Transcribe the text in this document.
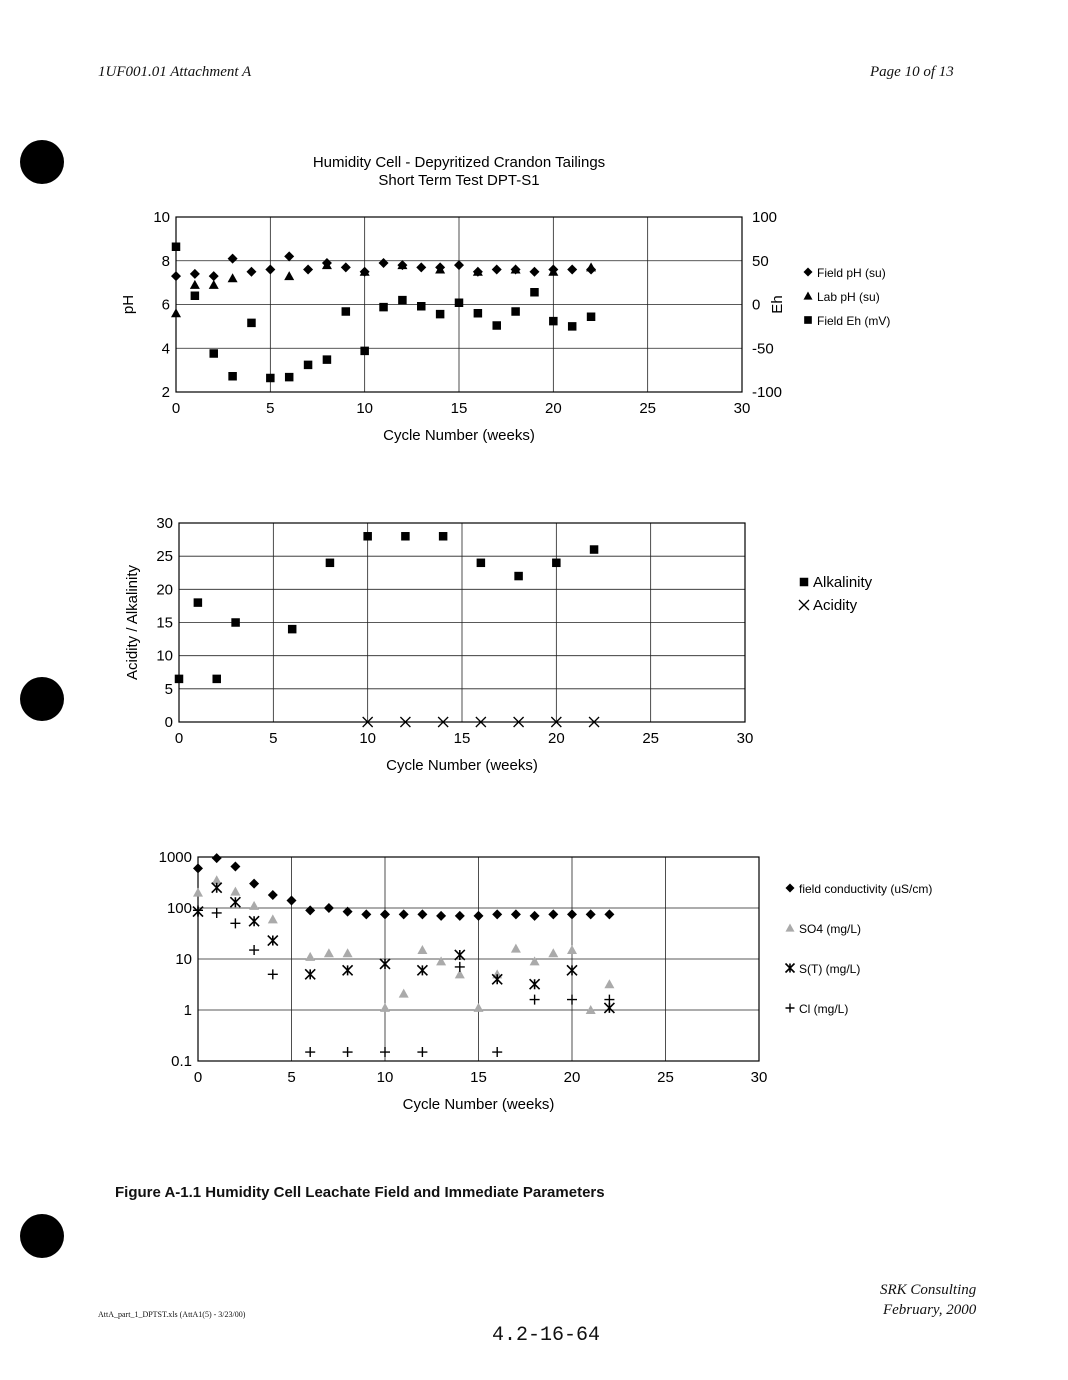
1UF001.01 Attachment A	Page 10 of 13
Humidity Cell - Depyritized Crandon Tailings
Short Term Test DPT-S1
0	5	10	15	20	25	30
2
4
6
8
10
-100
-50
0
50
100
Cycle Number (weeks)
pH	Eh
Field pH (su)
Lab pH (su)
Field Eh (mV)
0	5	10	15	20	25	30
0
5
10
15
20
25
30
Cycle Number (weeks)
Acidity / Alkalinity	Alkalinity
Acidity
0	5	10	15	20	25	30
0.1
1
10
100
1000
Cycle Number (weeks)
field conductivity (uS/cm)
SO4 (mg/L)
S(T) (mg/L)
Cl (mg/L)
Figure A-1.1 Humidity Cell Leachate Field and Immediate Parameters
AttA_part_1_DPTST.xls (AttA1(5) - 3/23/00)
4.2-16-64
SRK Consulting
February, 2000
